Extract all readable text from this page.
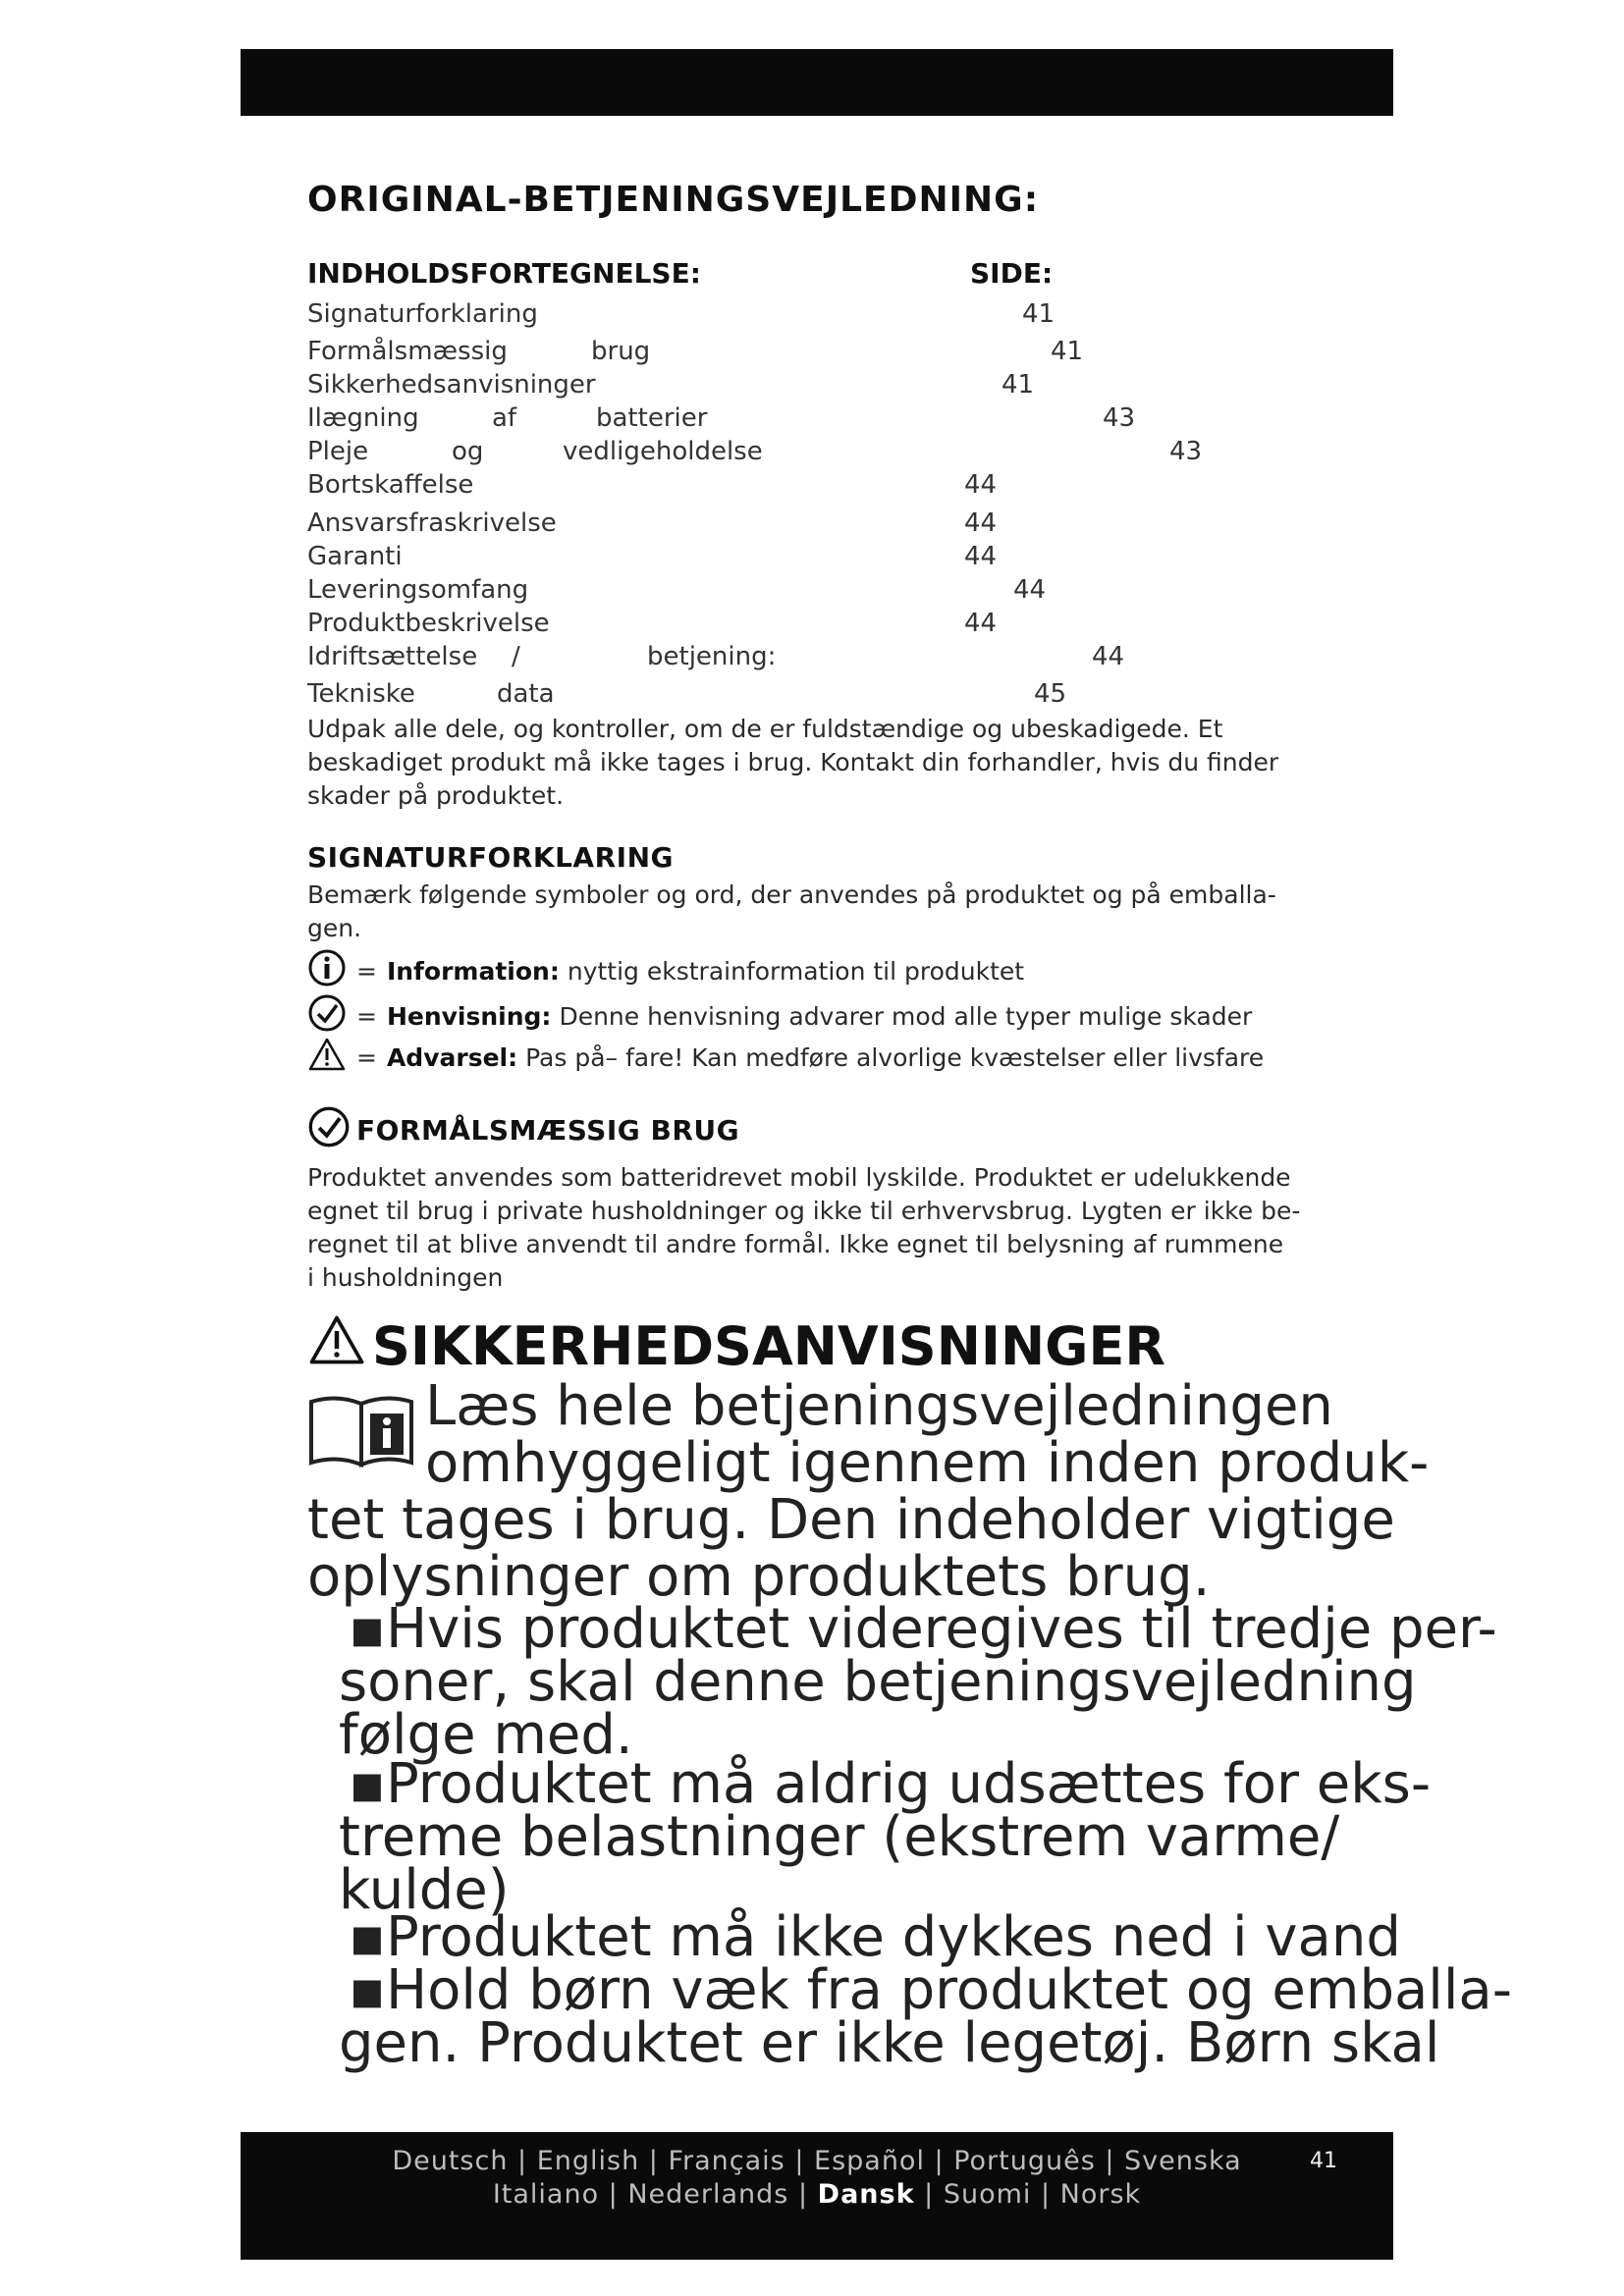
ORIGINAL-BETJENINGSVEJLEDNING:
INDHOLDSFORTEGNELSE:	SIDE:
Signaturforklaring	41
Formålsmæssig	brug	41
Sikkerhedsanvisninger	41
Ilægning	af	batterier	43
Pleje	og	vedligeholdelse	43
Bortskaffelse	44
Ansvarsfraskrivelse	44
Garanti	44
Leveringsomfang	44
Produktbeskrivelse	44
Idriftsættelse /	betjening:	44
Tekniske	data	45
Udpak alle dele, og kontroller, om de er fuldstændige og ubeskadigede. Et
beskadiget produkt må ikke tages i brug. Kontakt din forhandler, hvis du finder
skader på produktet.
SIGNATURFORKLARING
Bemærk følgende symboler og ord, der anvendes på produktet og på emballa-
gen.
= Information: nyttig ekstrainformation til produktet
= Henvisning: Denne henvisning advarer mod alle typer mulige skader
= Advarsel: Pas på– fare! Kan medføre alvorlige kvæstelser eller livsfare
FORMÅLSMÆSSIG BRUG
Produktet anvendes som batteridrevet mobil lyskilde. Produktet er udelukkende
egnet til brug i private husholdninger og ikke til erhvervsbrug. Lygten er ikke be-
regnet til at blive anvendt til andre formål. Ikke egnet til belysning af rummene
i husholdningen
SIKKERHEDSANVISNINGER
Læs hele betjeningsvejledningen
omhyggeligt igennem inden produk-
tet tages i brug. Den indeholder vigtige
oplysninger om produktets brug.
▪Hvis produktet videregives til tredje per-
soner, skal denne betjeningsvejledning
følge med.
▪Produktet må aldrig udsættes for eks-
treme belastninger (ekstrem varme/
kulde)
▪Produktet må ikke dykkes ned i vand
▪Hold børn væk fra produktet og emballa-
gen. Produktet er ikke legetøj. Børn skal
Deutsch | English | Français | Español | Português | Svenska
Italiano | Nederlands | Dansk | Suomi | Norsk
41
